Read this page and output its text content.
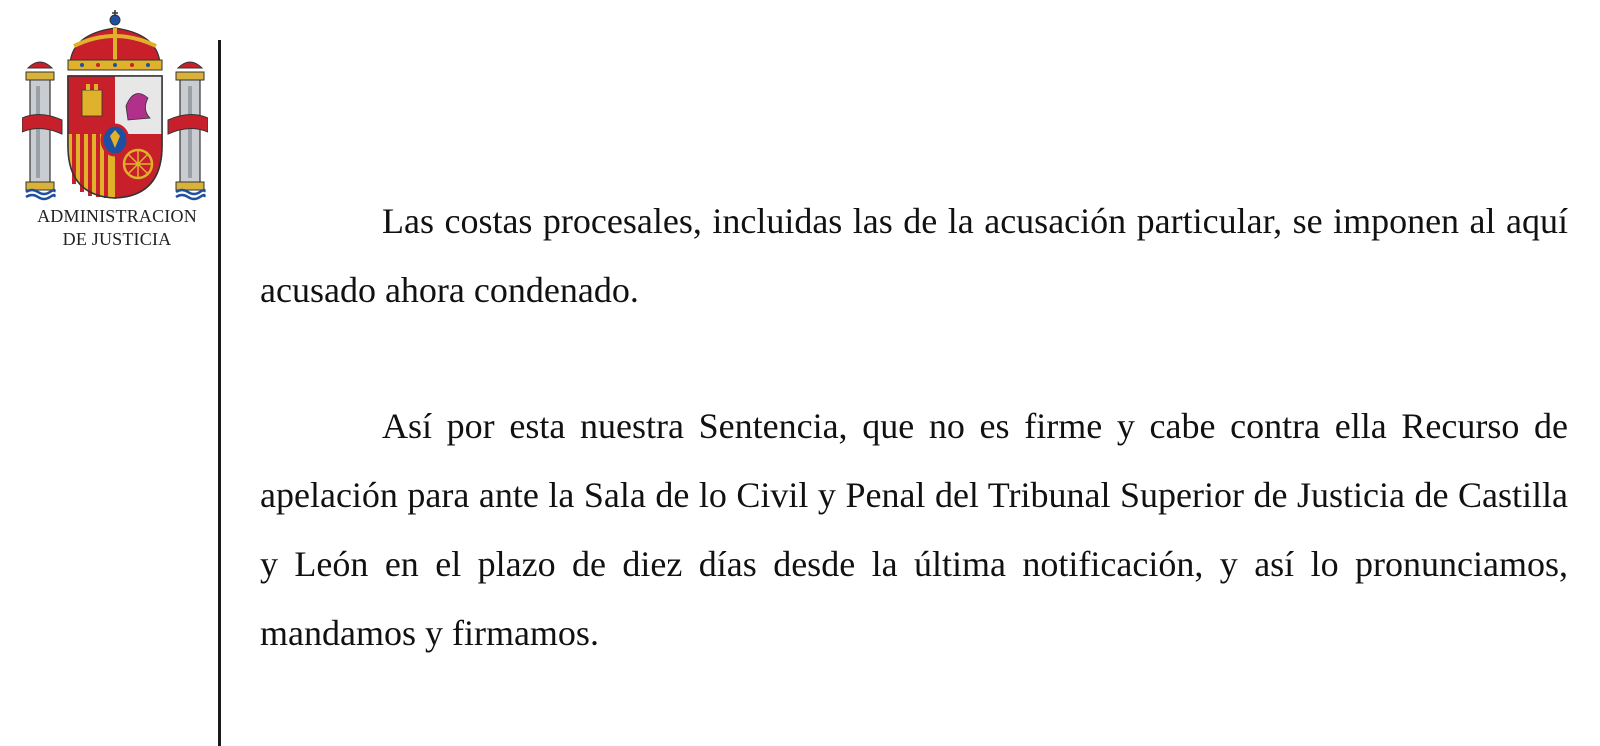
ADMINISTRACION
DE JUSTICIA	Las costas procesales, incluidas las de la acusación particular, se imponen al aquí acusado ahora condenado.

Así por esta nuestra Sentencia, que no es firme y cabe contra ella Recurso de apelación para ante la Sala de lo Civil y Penal del Tribunal Superior de Justicia de Castilla y León en el plazo de diez días desde la última notificación, y así lo pronunciamos, mandamos y firmamos.
